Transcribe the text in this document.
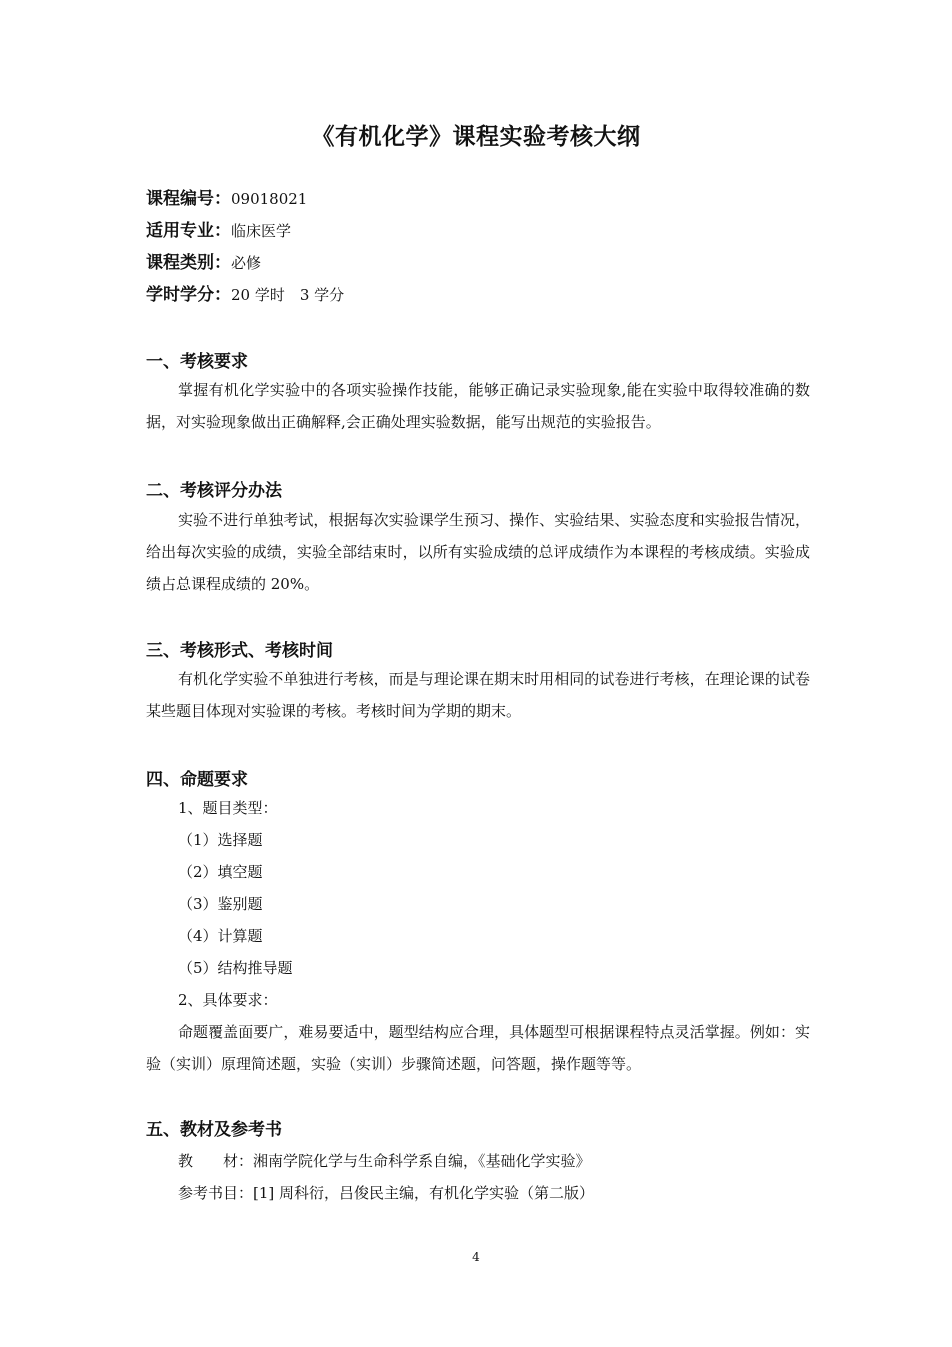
《有机化学》课程实验考核大纲
课程编号：09018021
适用专业：临床医学
课程类别：必修
学时学分：20 学时　3 学分
一、考核要求
掌握有机化学实验中的各项实验操作技能，能够正确记录实验现象,能在实验中取得较准确的数据，对实验现象做出正确解释,会正确处理实验数据，能写出规范的实验报告。
二、考核评分办法
实验不进行单独考试，根据每次实验课学生预习、操作、实验结果、实验态度和实验报告情况，给出每次实验的成绩，实验全部结束时，以所有实验成绩的总评成绩作为本课程的考核成绩。实验成绩占总课程成绩的 20%。
三、考核形式、考核时间
有机化学实验不单独进行考核，而是与理论课在期末时用相同的试卷进行考核，在理论课的试卷某些题目体现对实验课的考核。考核时间为学期的期末。
四、命题要求
1、题目类型：
（1）选择题
（2）填空题
（3）鉴别题
（4）计算题
（5）结构推导题
2、具体要求：
命题覆盖面要广，难易要适中，题型结构应合理，具体题型可根据课程特点灵活掌握。例如：实验（实训）原理简述题，实验（实训）步骤简述题，问答题，操作题等等。
五、教材及参考书
教　　材：湘南学院化学与生命科学系自编，《基础化学实验》
参考书目：[1] 周科衍，吕俊民主编，有机化学实验（第二版）
4
